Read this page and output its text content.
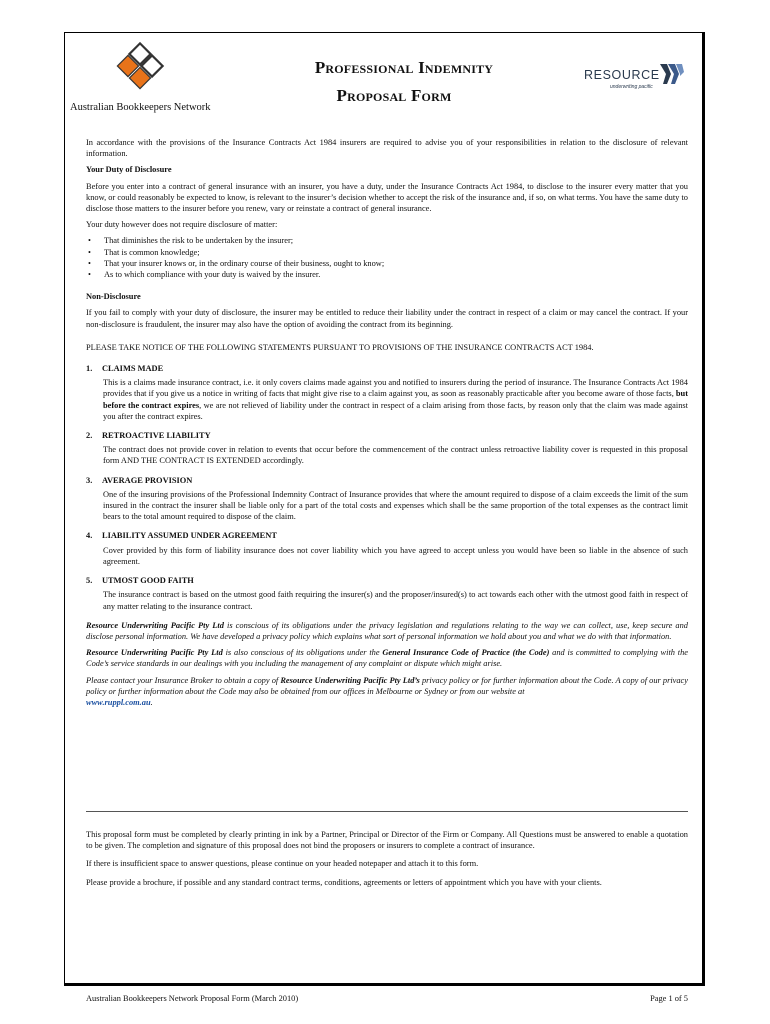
Australian Bookkeepers Network
Professional Indemnity
Proposal Form
RESOURCE
underwriting pacific

In accordance with the provisions of the Insurance Contracts Act 1984 insurers are required to advise you of your responsibilities in relation to the disclosure of relevant information.

Your Duty of Disclosure

Before you enter into a contract of general insurance with an insurer, you have a duty, under the Insurance Contracts Act 1984, to disclose to the insurer every matter that you know, or could reasonably be expected to know, is relevant to the insurer’s decision whether to accept the risk of the insurance and, if so, on what terms. You have the same duty to disclose those matters to the insurer before you renew, vary or reinstate a contract of general insurance.

Your duty however does not require disclosure of matter:

• That diminishes the risk to be undertaken by the insurer;
• That is common knowledge;
• That your insurer knows or, in the ordinary course of their business, ought to know;
• As to which compliance with your duty is waived by the insurer.
Non-Disclosure

If you fail to comply with your duty of disclosure, the insurer may be entitled to reduce their liability under the contract in respect of a claim or may cancel the contract. If your non-disclosure is fraudulent, the insurer may also have the option of avoiding the contract from its beginning.

PLEASE TAKE NOTICE OF THE FOLLOWING STATEMENTS PURSUANT TO PROVISIONS OF THE INSURANCE CONTRACTS ACT 1984.

1. CLAIMS MADE
This is a claims made insurance contract, i.e. it only covers claims made against you and notified to insurers during the period of insurance. The Insurance Contracts Act 1984 provides that if you give us a notice in writing of facts that might give rise to a claim against you, as soon as reasonably practicable after you become aware of those facts, but before the contract expires, we are not relieved of liability under the contract in respect of a claim arising from those facts, by reason only that the claim was made against you after the contract expires.
2. RETROACTIVE LIABILITY
The contract does not provide cover in relation to events that occur before the commencement of the contract unless retroactive liability cover is requested in this proposal form AND THE CONTRACT IS EXTENDED accordingly.
3. AVERAGE PROVISION
One of the insuring provisions of the Professional Indemnity Contract of Insurance provides that where the amount required to dispose of a claim exceeds the limit of the sum insured in the contract the insurer shall be liable only for a part of the total costs and expenses which shall be the same proportion of the total expenses as the contract limit bears to the total amount required to dispose of the claim.
4. LIABILITY ASSUMED UNDER AGREEMENT
Cover provided by this form of liability insurance does not cover liability which you have agreed to accept unless you would have been so liable in the absence of such agreement.
5. UTMOST GOOD FAITH
The insurance contract is based on the utmost good faith requiring the insurer(s) and the proposer/insured(s) to act towards each other with the utmost good faith in respect of any matter relating to the insurance contract.

Resource Underwriting Pacific Pty Ltd is conscious of its obligations under the privacy legislation and regulations relating to the way we can collect, use, keep secure and disclose personal information. We have developed a privacy policy which explains what sort of personal information we hold about you and what we do with that information.

Resource Underwriting Pacific Pty Ltd is also conscious of its obligations under the General Insurance Code of Practice (the Code) and is committed to complying with the Code’s service standards in our dealings with you including the management of any complaint or dispute which might arise.

Please contact your Insurance Broker to obtain a copy of Resource Underwriting Pacific Pty Ltd’s privacy policy or for further information about the Code. A copy of our privacy policy or further information about the Code may also be obtained from our offices in Melbourne or Sydney or from our website at
www.ruppl.com.au.

This proposal form must be completed by clearly printing in ink by a Partner, Principal or Director of the Firm or Company. All Questions must be answered to enable a quotation to be given. The completion and signature of this proposal does not bind the proposers or insurers to complete a contract of insurance.

If there is insufficient space to answer questions, please continue on your headed notepaper and attach it to this form.

Please provide a brochure, if possible and any standard contract terms, conditions, agreements or letters of appointment which you have with your clients.

Australian Bookkeepers Network Proposal Form (March 2010)	Page 1 of 5
